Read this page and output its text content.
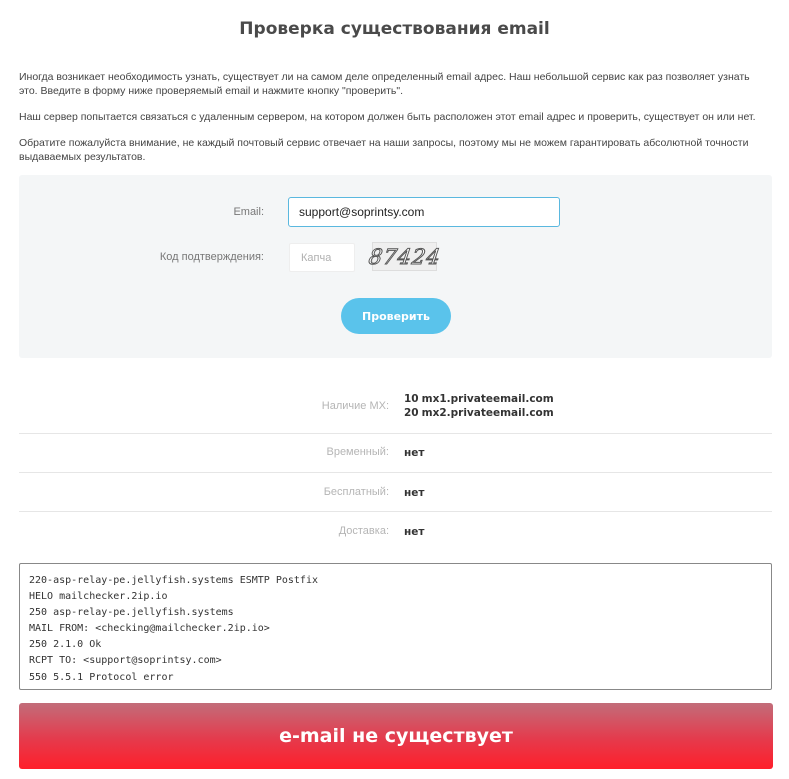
Проверка существования email

Иногда возникает необходимость узнать, существует ли на самом деле определенный email адрес. Наш небольшой сервис как раз позволяет узнать это. Введите в форму ниже проверяемый email и нажмите кнопку "проверить".

Наш сервер попытается связаться с удаленным сервером, на котором должен быть расположен этот email адрес и проверить, существует он или нет.

Обратите пожалуйста внимание, не каждый почтовый сервис отвечает на наши запросы, поэтому мы не можем гарантировать абсолютной точности выдаваемых результатов.

Email:
support@soprintsy.com
Код подтверждения:
Капча	87424
Проверить
Наличие MX:
10 mx1.privateemail.com
20 mx2.privateemail.com
Временный: нет
Бесплатный: нет
Доставка: нет
220-asp-relay-pe.jellyfish.systems ESMTP Postfix
HELO mailchecker.2ip.io
250 asp-relay-pe.jellyfish.systems
MAIL FROM: <checking@mailchecker.2ip.io>
250 2.1.0 Ok
RCPT TO: <support@soprintsy.com>
550 5.5.1 Protocol error
e-mail не существует
